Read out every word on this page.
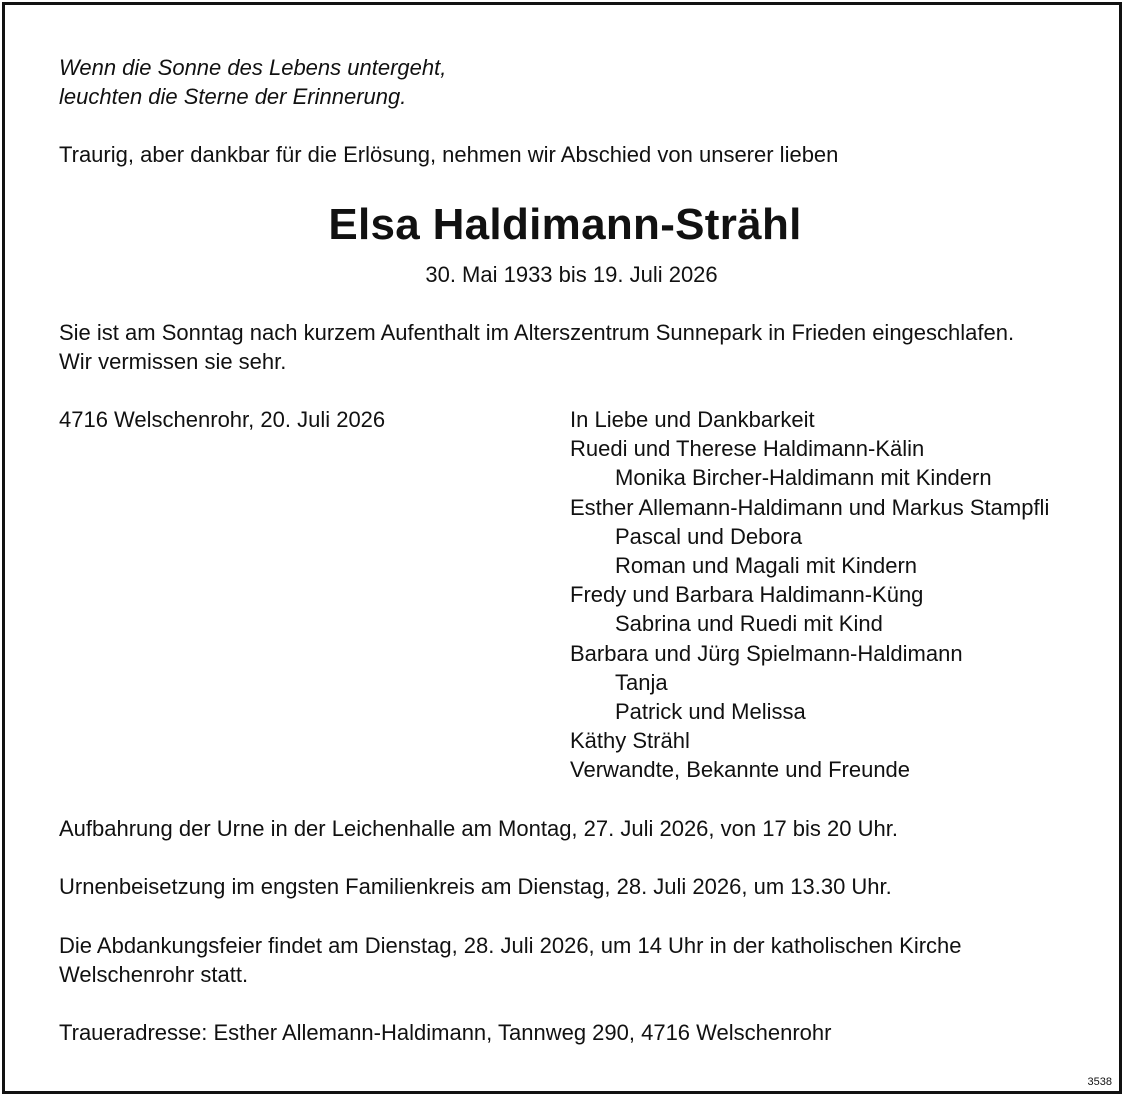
Wenn die Sonne des Lebens untergeht,
leuchten die Sterne der Erinnerung.
Traurig, aber dankbar für die Erlösung, nehmen wir Abschied von unserer lieben
Elsa Haldimann-Strähl
30. Mai 1933 bis 19. Juli 2026
Sie ist am Sonntag nach kurzem Aufenthalt im Alterszentrum Sunnepark in Frieden eingeschlafen.
Wir vermissen sie sehr.
4716 Welschenrohr, 20. Juli 2026	In Liebe und Dankbarkeit
Ruedi und Therese Haldimann-Kälin
Monika Bircher-Haldimann mit Kindern
Esther Allemann-Haldimann und Markus Stampfli
Pascal und Debora
Roman und Magali mit Kindern
Fredy und Barbara Haldimann-Küng
Sabrina und Ruedi mit Kind
Barbara und Jürg Spielmann-Haldimann
Tanja
Patrick und Melissa
Käthy Strähl
Verwandte, Bekannte und Freunde
Aufbahrung der Urne in der Leichenhalle am Montag, 27. Juli 2026, von 17 bis 20 Uhr.
Urnenbeisetzung im engsten Familienkreis am Dienstag, 28. Juli 2026, um 13.30 Uhr.
Die Abdankungsfeier findet am Dienstag, 28. Juli 2026, um 14 Uhr in der katholischen Kirche
Welschenrohr statt.
Traueradresse: Esther Allemann-Haldimann, Tannweg 290, 4716 Welschenrohr
3538
